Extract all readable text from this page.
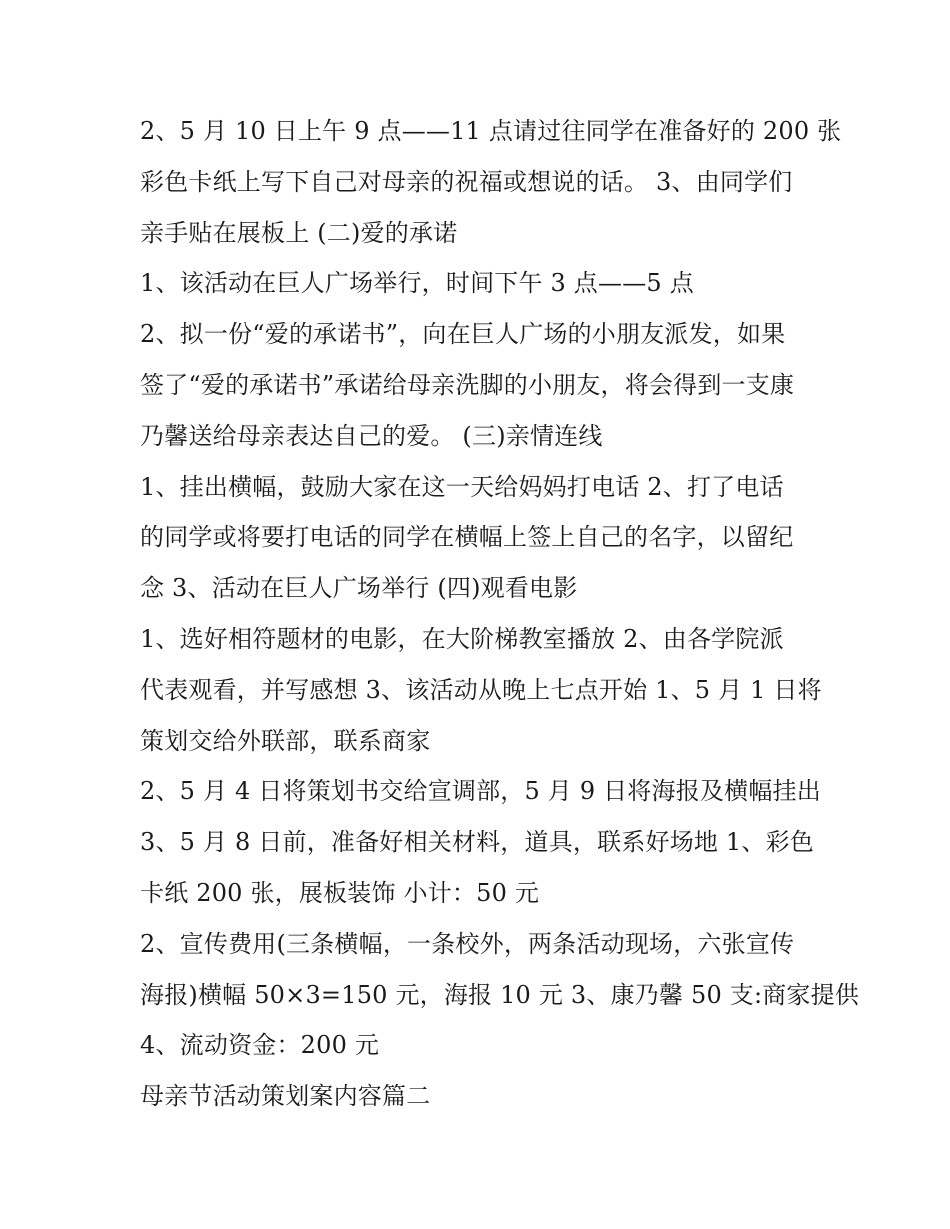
2、5 月 10 日上午 9 点——11 点请过往同学在准备好的 200 张
彩色卡纸上写下自己对母亲的祝福或想说的话。 3、由同学们
亲手贴在展板上 (二)爱的承诺
1、该活动在巨人广场举行，时间下午 3 点——5 点
2、拟一份“爱的承诺书”，向在巨人广场的小朋友派发，如果
签了“爱的承诺书”承诺给母亲洗脚的小朋友，将会得到一支康
乃馨送给母亲表达自己的爱。 (三)亲情连线
1、挂出横幅，鼓励大家在这一天给妈妈打电话 2、打了电话
的同学或将要打电话的同学在横幅上签上自己的名字，以留纪
念 3、活动在巨人广场举行 (四)观看电影
1、选好相符题材的电影，在大阶梯教室播放 2、由各学院派
代表观看，并写感想 3、该活动从晚上七点开始 1、5 月 1 日将
策划交给外联部，联系商家
2、5 月 4 日将策划书交给宣调部，5 月 9 日将海报及横幅挂出
3、5 月 8 日前，准备好相关材料，道具，联系好场地 1、彩色
卡纸 200 张，展板装饰 小计：50 元
2、宣传费用(三条横幅，一条校外，两条活动现场，六张宣传
海报)横幅 50×3=150 元，海报 10 元 3、康乃馨 50 支:商家提供
4、流动资金：200 元
母亲节活动策划案内容篇二
